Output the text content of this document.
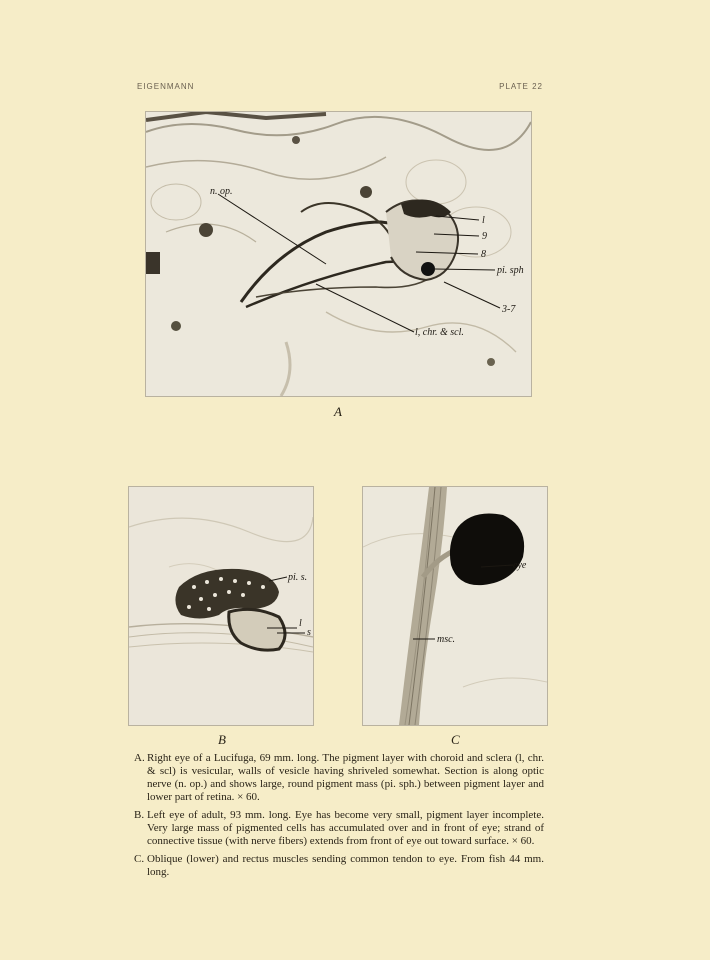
EIGENMANN	PLATE 22
n. op.
l
9
8
pi. sph
3-7
l, chr. & scl.
A
pi. s.
l
s
B
eye
msc.
C
A. Right eye of a Lucifuga, 69 mm. long. The pigment layer with choroid and sclera (l, chr. & scl) is vesicular, walls of vesicle having shriveled somewhat. Section is along optic nerve (n. op.) and shows large, round pigment mass (pi. sph.) between pigment layer and lower part of retina. × 60.
B. Left eye of adult, 93 mm. long. Eye has become very small, pigment layer incomplete. Very large mass of pigmented cells has accumulated over and in front of eye; strand of connective tissue (with nerve fibers) extends from front of eye out toward surface. × 60.
C. Oblique (lower) and rectus muscles sending common tendon to eye. From fish 44 mm. long.
